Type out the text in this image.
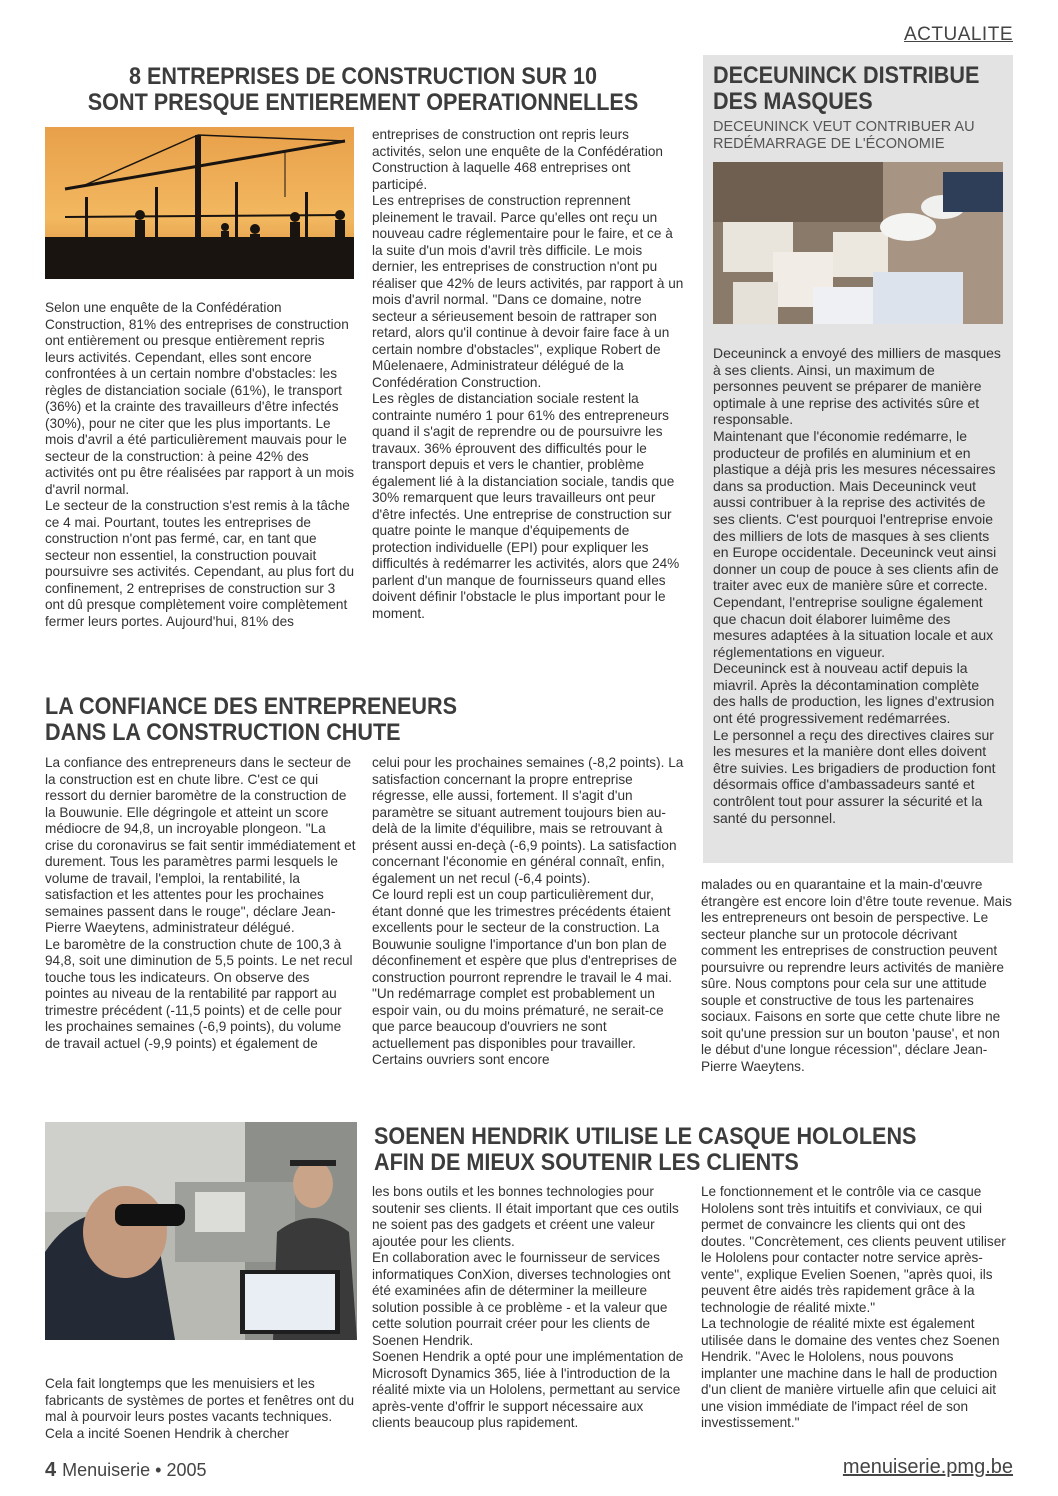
ACTUALITE
8 ENTREPRISES DE CONSTRUCTION SUR 10
SONT PRESQUE ENTIEREMENT OPERATIONNELLES

Selon une enquête de la Confédération Construction, 81% des entreprises de construction ont entièrement ou presque entièrement repris leurs activités. Cependant, elles sont encore confrontées à un certain nombre d'obstacles: les règles de distanciation sociale (61%), le transport (36%) et la crainte des travailleurs d'être infectés (30%), pour ne citer que les plus importants. Le mois d'avril a été particulièrement mauvais pour le secteur de la construction: à peine 42% des activités ont pu être réalisées par rapport à un mois d'avril normal.
Le secteur de la construction s'est remis à la tâche ce 4 mai. Pourtant, toutes les entreprises de construction n'ont pas fermé, car, en tant que secteur non essentiel, la construction pouvait poursuivre ses activités. Cependant, au plus fort du confinement, 2 entreprises de construction sur 3 ont dû presque complètement voire complètement fermer leurs portes. Aujourd'hui, 81% des

entreprises de construction ont repris leurs activités, selon une enquête de la Confédération Construction à laquelle 468 entreprises ont participé.
Les entreprises de construction reprennent pleinement le travail. Parce qu'elles ont reçu un nouveau cadre réglementaire pour le faire, et ce à la suite d'un mois d'avril très difficile. Le mois dernier, les entreprises de construction n'ont pu réaliser que 42% de leurs activités, par rapport à un mois d'avril normal. "Dans ce domaine, notre secteur a sérieusement besoin de rattraper son retard, alors qu'il continue à devoir faire face à un certain nombre d'obstacles", explique Robert de Mûelenaere, Administrateur délégué de la Confédération Construction.
Les règles de distanciation sociale restent la contrainte numéro 1 pour 61% des entrepreneurs quand il s'agit de reprendre ou de poursuivre les travaux. 36% éprouvent des difficultés pour le transport depuis et vers le chantier, problème également lié à la distanciation sociale, tandis que 30% remarquent que leurs travailleurs ont peur d'être infectés. Une entreprise de construction sur quatre pointe le manque d'équipements de protection individuelle (EPI) pour expliquer les difficultés à redémarrer les activités, alors que 24% parlent d'un manque de fournisseurs quand elles doivent définir l'obstacle le plus important pour le moment.

DECEUNINCK DISTRIBUE
DES MASQUES
DECEUNINCK VEUT CONTRIBUER AU REDÉMARRAGE DE L'ÉCONOMIE

Deceuninck a envoyé des milliers de masques à ses clients. Ainsi, un maximum de personnes peuvent se préparer de manière optimale à une reprise des activités sûre et responsable.
Maintenant que l'économie redémarre, le producteur de profilés en aluminium et en plastique a déjà pris les mesures nécessaires dans sa production. Mais Deceuninck veut aussi contribuer à la reprise des activités de ses clients. C'est pourquoi l'entreprise envoie des milliers de lots de masques à ses clients en Europe occidentale. Deceuninck veut ainsi donner un coup de pouce à ses clients afin de traiter avec eux de manière sûre et correcte. Cependant, l'entreprise souligne également que chacun doit élaborer luimême des mesures adaptées à la situation locale et aux réglementations en vigueur.
Deceuninck est à nouveau actif depuis la miavril. Après la décontamination complète des halls de production, les lignes d'extrusion ont été progressivement redémarrées.
Le personnel a reçu des directives claires sur les mesures et la manière dont elles doivent être suivies. Les brigadiers de production font désormais office d'ambassadeurs santé et contrôlent tout pour assurer la sécurité et la santé du personnel.

LA CONFIANCE DES ENTREPRENEURS
DANS LA CONSTRUCTION CHUTE

La confiance des entrepreneurs dans le secteur de la construction est en chute libre. C'est ce qui ressort du dernier baromètre de la construction de la Bouwunie. Elle dégringole et atteint un score médiocre de 94,8, un incroyable plongeon. "La crise du coronavirus se fait sentir immédiatement et durement. Tous les paramètres parmi lesquels le volume de travail, l'emploi, la rentabilité, la satisfaction et les attentes pour les prochaines semaines passent dans le rouge", déclare Jean-Pierre Waeytens, administrateur délégué.
Le baromètre de la construction chute de 100,3 à 94,8, soit une diminution de 5,5 points. Le net recul touche tous les indicateurs. On observe des pointes au niveau de la rentabilité par rapport au trimestre précédent (-11,5 points) et de celle pour les prochaines semaines (-6,9 points), du volume de travail actuel (-9,9 points) et également de

celui pour les prochaines semaines (-8,2 points). La satisfaction concernant la propre entreprise régresse, elle aussi, fortement. Il s'agit d'un paramètre se situant autrement toujours bien au-delà de la limite d'équilibre, mais se retrouvant à présent aussi en-deçà (-6,9 points). La satisfaction concernant l'économie en général connaît, enfin, également un net recul (-6,4 points).
Ce lourd repli est un coup particulièrement dur, étant donné que les trimestres précédents étaient excellents pour le secteur de la construction. La Bouwunie souligne l'importance d'un bon plan de déconfinement et espère que plus d'entreprises de construction pourront reprendre le travail le 4 mai. "Un redémarrage complet est probablement un espoir vain, ou du moins prématuré, ne serait-ce que parce beaucoup d'ouvriers ne sont actuellement pas disponibles pour travailler. Certains ouvriers sont encore

malades ou en quarantaine et la main-d'œuvre étrangère est encore loin d'être toute revenue. Mais les entrepreneurs ont besoin de perspective. Le secteur planche sur un protocole décrivant comment les entreprises de construction peuvent poursuivre ou reprendre leurs activités de manière sûre. Nous comptons pour cela sur une attitude souple et constructive de tous les partenaires sociaux. Faisons en sorte que cette chute libre ne soit qu'une pression sur un bouton 'pause', et non le début d'une longue récession", déclare Jean-Pierre Waeytens.

SOENEN HENDRIK UTILISE LE CASQUE HOLOLENS
AFIN DE MIEUX SOUTENIR LES CLIENTS

Cela fait longtemps que les menuisiers et les fabricants de systèmes de portes et fenêtres ont du mal à pourvoir leurs postes vacants techniques. Cela a incité Soenen Hendrik à chercher

les bons outils et les bonnes technologies pour soutenir ses clients. Il était important que ces outils ne soient pas des gadgets et créent une valeur ajoutée pour les clients.
En collaboration avec le fournisseur de services informatiques ConXion, diverses technologies ont été examinées afin de déterminer la meilleure solution possible à ce problème - et la valeur que cette solution pourrait créer pour les clients de Soenen Hendrik.
Soenen Hendrik a opté pour une implémentation de Microsoft Dynamics 365, liée à l'introduction de la réalité mixte via un Hololens, permettant au service après-vente d'offrir le support nécessaire aux clients beaucoup plus rapidement.

Le fonctionnement et le contrôle via ce casque Hololens sont très intuitifs et conviviaux, ce qui permet de convaincre les clients qui ont des doutes. "Concrètement, ces clients peuvent utiliser le Hololens pour contacter notre service après-vente", explique Evelien Soenen, "après quoi, ils peuvent être aidés très rapidement grâce à la technologie de réalité mixte."
La technologie de réalité mixte est également utilisée dans le domaine des ventes chez Soenen Hendrik. "Avec le Hololens, nous pouvons implanter une machine dans le hall de production d'un client de manière virtuelle afin que celuici ait une vision immédiate de l'impact réel de son investissement."

4 Menuiserie • 2005	menuiserie.pmg.be
